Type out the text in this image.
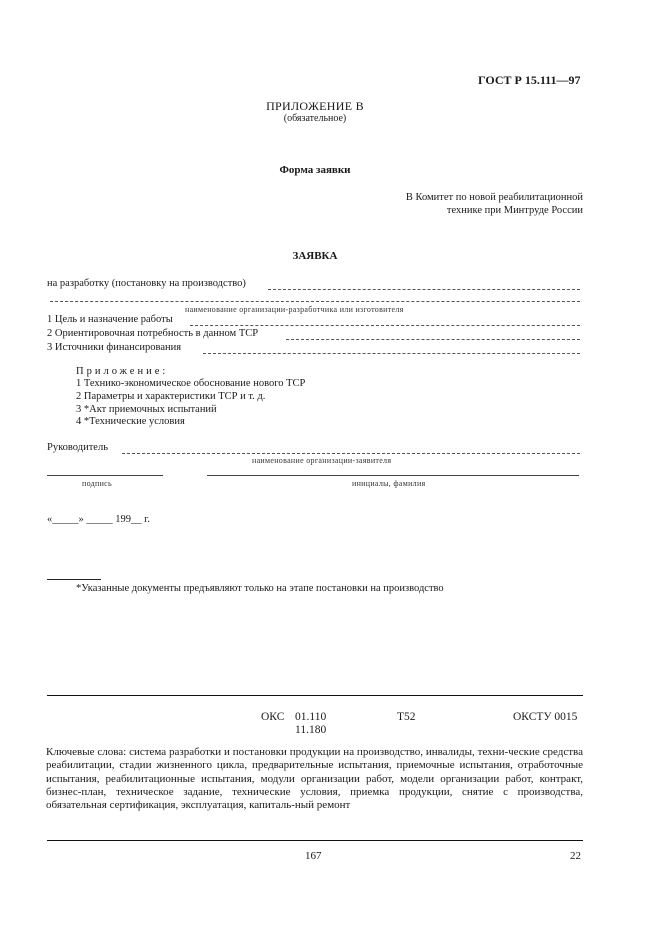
ГОСТ Р 15.111—97
ПРИЛОЖЕНИЕ В
(обязательное)
Форма заявки
В Комитет по новой реабилитационной
технике при Минтруде России
ЗАЯВКА
на разработку (постановку на производство)
наименование организации-разработчика или изготовителя
1 Цель и назначение работы
2 Ориентировочная потребность в данном ТСР
3 Источники финансирования
Приложение:
1 Технико-экономическое обоснование нового ТСР
2 Параметры и характеристики ТСР и т. д.
3 *Акт приемочных испытаний
4 *Технические условия
Руководитель
наименование организации-заявителя
подпись	инициалы, фамилия
«_____» _____ 199__ г.
*Указанные документы предъявляют только на этапе постановки на производство
ОКС 01.110
11.180
Т52	ОКСТУ 0015
Ключевые слова: система разработки и постановки продукции на производство, инвалиды, техни-ческие средства реабилитации, стадии жизненного цикла, предварительные испытания, приемочные испытания, отработочные испытания, реабилитационные испытания, модули организации работ, модели организации работ, контракт, бизнес-план, техническое задание, технические условия, приемка продукции, снятие с производства, обязательная сертификация, эксплуатация, капиталь-ный ремонт
167	22
